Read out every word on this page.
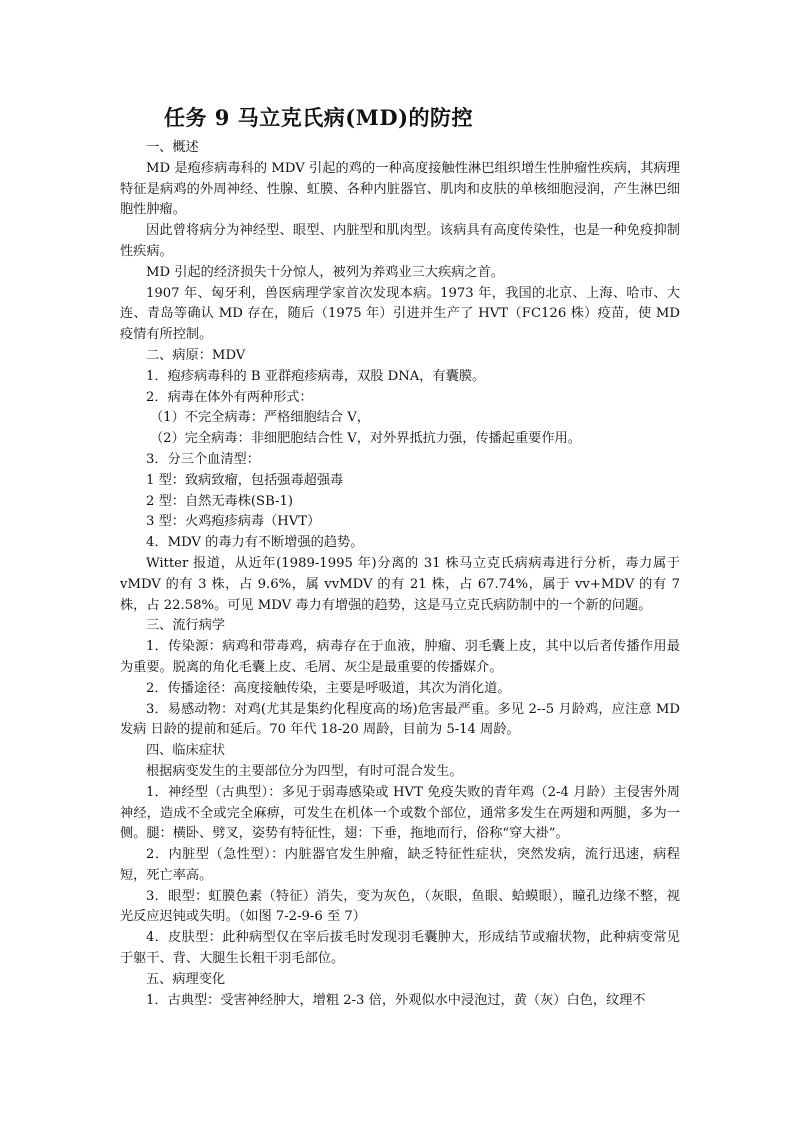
任务 9 马立克氏病(MD)的防控

一、概述

MD 是疱疹病毒科的 MDV 引起的鸡的一种高度接触性淋巴组织增生性肿瘤性疾病，其病理特征是病鸡的外周神经、性腺、虹膜、各种内脏器官、肌肉和皮肤的单核细胞浸润，产生淋巴细胞性肿瘤。

因此曾将病分为神经型、眼型、内脏型和肌肉型。该病具有高度传染性，也是一种免疫抑制性疾病。

MD 引起的经济损失十分惊人，被列为养鸡业三大疾病之首。

1907 年、匈牙利，兽医病理学家首次发现本病。1973 年，我国的北京、上海、哈市、大连、青岛等确认 MD 存在，随后（1975 年）引进并生产了 HVT（FC126 株）疫苗，使 MD 疫情有所控制。

二、病原：MDV

1．疱疹病毒科的 B 亚群疱疹病毒，双股 DNA，有囊膜。

2．病毒在体外有两种形式：

（1）不完全病毒：严格细胞结合 V，

（2）完全病毒：非细肥胞结合性 V，对外界抵抗力强，传播起重要作用。

3．分三个血清型：

1 型：致病致瘤，包括强毒超强毒

2 型：自然无毒株(SB-1)

3 型：火鸡疱疹病毒（HVT）

4．MDV 的毒力有不断增强的趋势。

Witter 报道，从近年(1989-1995 年)分离的 31 株马立克氏病病毒进行分析，毒力属于 vMDV 的有 3 株，占 9.6%，属 vvMDV 的有 21 株，占 67.74%，属于 vv+MDV 的有 7 株，占 22.58%。可见 MDV 毒力有增强的趋势，这是马立克氏病防制中的一个新的问题。

三、流行病学

1．传染源：病鸡和带毒鸡，病毒存在于血液，肿瘤、羽毛囊上皮，其中以后者传播作用最为重要。脱离的角化毛囊上皮、毛屑、灰尘是最重要的传播媒介。

2．传播途径：高度接触传染，主要是呼吸道，其次为消化道。

3．易感动物：对鸡(尤其是集约化程度高的场)危害最严重。多见 2--5 月龄鸡，应注意 MD 发病 日龄的提前和延后。70 年代 18-20 周龄，目前为 5-14 周龄。

四、临床症状

根据病变发生的主要部位分为四型，有时可混合发生。

1．神经型（古典型）：多见于弱毒感染或 HVT 免疫失败的青年鸡（2-4 月龄）主侵害外周神经，造成不全或完全麻痹，可发生在机体一个或数个部位，通常多发生在两翅和两腿，多为一侧。腿：横卧、劈叉，姿势有特征性，翅：下垂，拖地而行，俗称“穿大褂”。

2．内脏型（急性型）：内脏器官发生肿瘤，缺乏特征性症状，突然发病，流行迅速，病程短，死亡率高。

3．眼型：虹膜色素（特征）消失，变为灰色，（灰眼，鱼眼、蛤蟆眼），瞳孔边缘不整，视光反应迟钝或失明。（如图 7-2-9-6 至 7）

4．皮肤型：此种病型仅在宰后拔毛时发现羽毛囊肿大，形成结节或瘤状物，此种病变常见于躯干、背、大腿生长粗干羽毛部位。

五、病理变化

1．古典型：受害神经肿大，增粗 2-3 倍，外观似水中浸泡过，黄（灰）白色，纹理不
